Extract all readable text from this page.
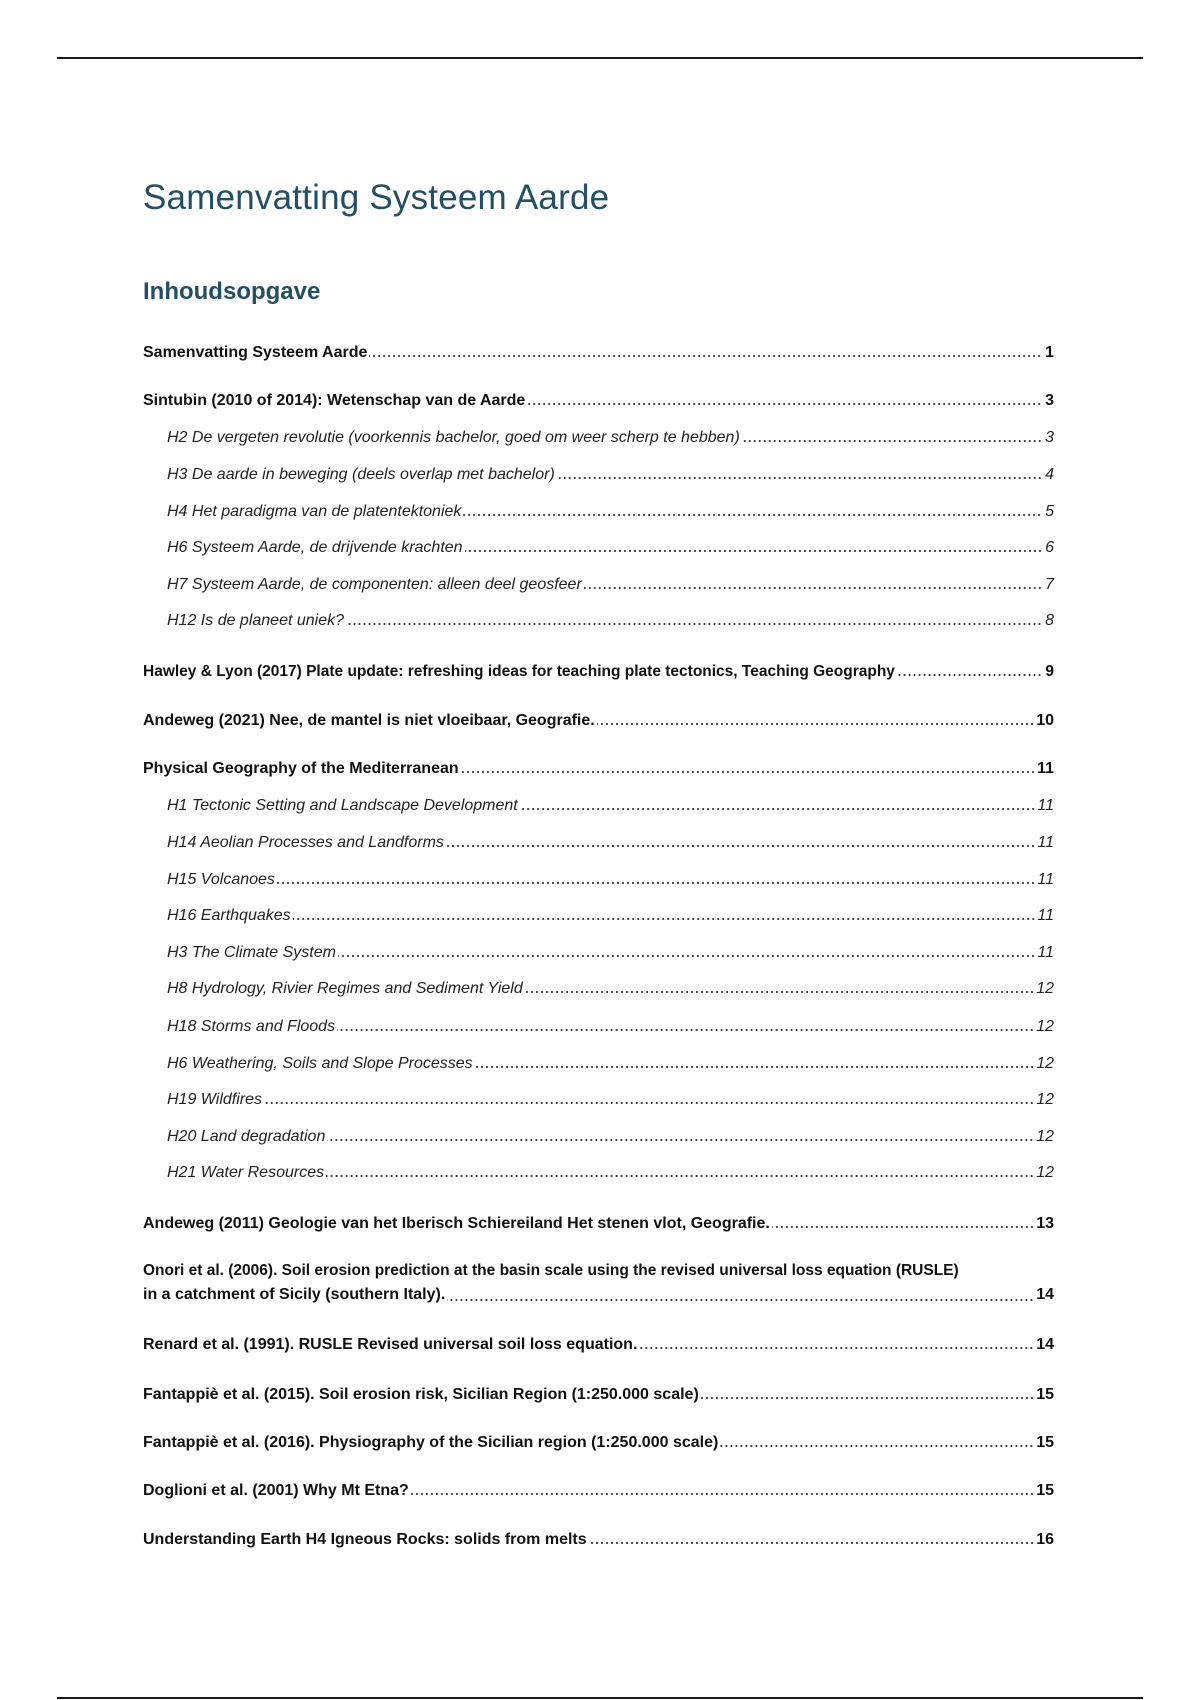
Samenvatting Systeem Aarde
Inhoudsopgave
Samenvatting Systeem Aarde	1
Sintubin (2010 of 2014): Wetenschap van de Aarde	3
H2 De vergeten revolutie (voorkennis bachelor, goed om weer scherp te hebben)	3
H3 De aarde in beweging (deels overlap met bachelor)	4
H4 Het paradigma van de platentektoniek	5
H6 Systeem Aarde, de drijvende krachten	6
H7 Systeem Aarde, de componenten: alleen deel geosfeer	7
H12 Is de planeet uniek?	8
Hawley & Lyon (2017) Plate update: refreshing ideas for teaching plate tectonics, Teaching Geography	9
Andeweg (2021) Nee, de mantel is niet vloeibaar, Geografie.	10
Physical Geography of the Mediterranean	11
H1 Tectonic Setting and Landscape Development	11
H14 Aeolian Processes and Landforms	11
H15 Volcanoes	11
H16 Earthquakes	11
H3 The Climate System	11
H8 Hydrology, Rivier Regimes and Sediment Yield	12
H18 Storms and Floods	12
H6 Weathering, Soils and Slope Processes	12
H19 Wildfires	12
H20 Land degradation	12
H21 Water Resources	12
Andeweg (2011) Geologie van het Iberisch Schiereiland Het stenen vlot, Geografie.	13
Onori et al. (2006). Soil erosion prediction at the basin scale using the revised universal loss equation (RUSLE)
in a catchment of Sicily (southern Italy).	14
Renard et al. (1991). RUSLE Revised universal soil loss equation.	14
Fantappiè et al. (2015). Soil erosion risk, Sicilian Region (1:250.000 scale)	15
Fantappiè et al. (2016). Physiography of the Sicilian region (1:250.000 scale)	15
Doglioni et al. (2001) Why Mt Etna?	15
Understanding Earth H4 Igneous Rocks: solids from melts	16
